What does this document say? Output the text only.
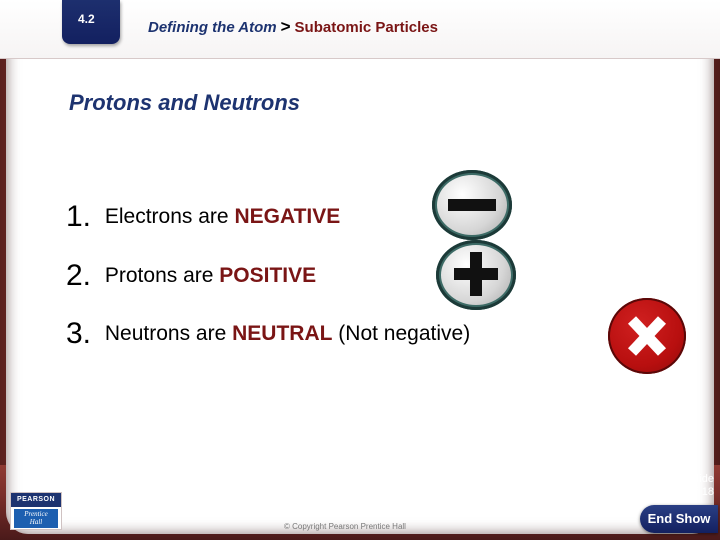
4.2	Defining the Atom > Subatomic Particles
Protons and Neutrons
1. Electrons are NEGATIVE
2. Protons are POSITIVE
3. Neutrons are NEUTRAL (Not negative)
PEARSON
Prentice
Hall	© Copyright Pearson Prentice Hall
Slide
7 of 18
End Show
